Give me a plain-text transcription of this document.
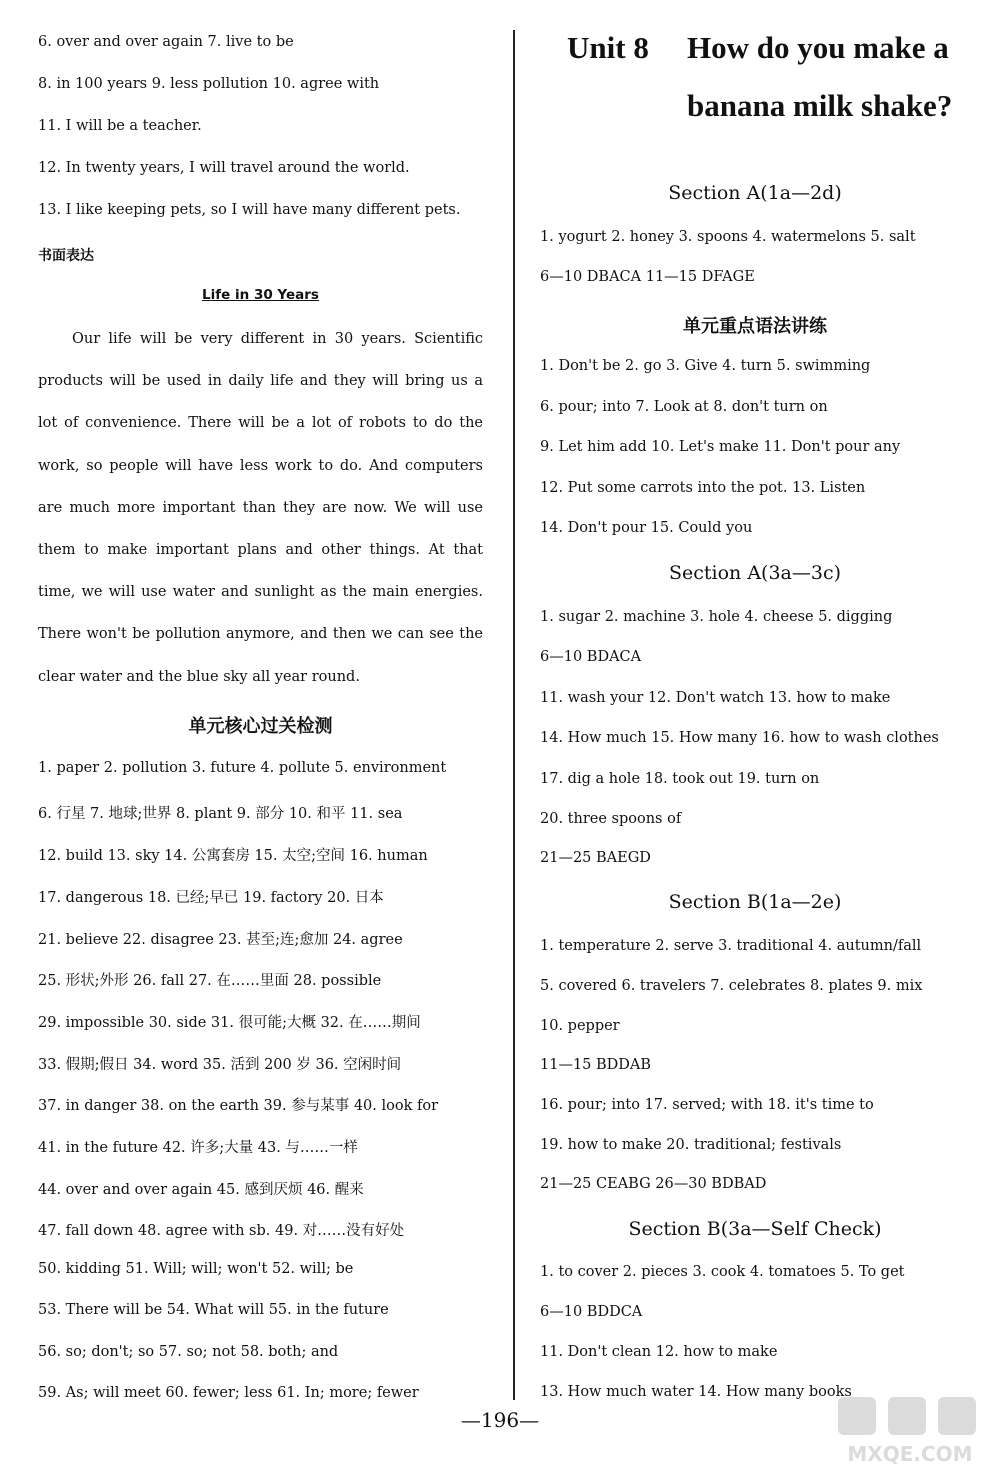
6. over and over again 7. live to be
8. in 100 years 9. less pollution 10. agree with
11. I will be a teacher.
12. In twenty years, I will travel around the world.
13. I like keeping pets, so I will have many different pets.
书面表达
Life in 30 Years
Our life will be very different in 30 years. Scientific products will be used in daily life and they will bring us a lot of convenience. There will be a lot of robots to do the work, so people will have less work to do. And computers are much more important than they are now. We will use them to make important plans and other things. At that time, we will use water and sunlight as the main energies. There won't be pollution anymore, and then we can see the clear water and the blue sky all year round.
单元核心过关检测
1. paper 2. pollution 3. future 4. pollute 5. environment
6. 行星 7. 地球;世界 8. plant 9. 部分 10. 和平 11. sea
12. build 13. sky 14. 公寓套房 15. 太空;空间 16. human
17. dangerous 18. 已经;早已 19. factory 20. 日本
21. believe 22. disagree 23. 甚至;连;愈加 24. agree
25. 形状;外形 26. fall 27. 在……里面 28. possible
29. impossible 30. side 31. 很可能;大概 32. 在……期间
33. 假期;假日 34. word 35. 活到 200 岁 36. 空闲时间
37. in danger 38. on the earth 39. 参与某事 40. look for
41. in the future 42. 许多;大量 43. 与……一样
44. over and over again 45. 感到厌烦 46. 醒来
47. fall down 48. agree with sb. 49. 对……没有好处
50. kidding 51. Will; will; won't 52. will; be
53. There will be 54. What will 55. in the future
56. so; don't; so 57. so; not 58. both; and
59. As; will meet 60. fewer; less 61. In; more; fewer
Unit 8 How do you make a
banana milk shake?
Section A(1a—2d)
1. yogurt 2. honey 3. spoons 4. watermelons 5. salt
6—10 DBACA 11—15 DFAGE
单元重点语法讲练
1. Don't be 2. go 3. Give 4. turn 5. swimming
6. pour; into 7. Look at 8. don't turn on
9. Let him add 10. Let's make 11. Don't pour any
12. Put some carrots into the pot. 13. Listen
14. Don't pour 15. Could you
Section A(3a—3c)
1. sugar 2. machine 3. hole 4. cheese 5. digging
6—10 BDACA
11. wash your 12. Don't watch 13. how to make
14. How much 15. How many 16. how to wash clothes
17. dig a hole 18. took out 19. turn on
20. three spoons of
21—25 BAEGD
Section B(1a—2e)
1. temperature 2. serve 3. traditional 4. autumn/fall
5. covered 6. travelers 7. celebrates 8. plates 9. mix
10. pepper
11—15 BDDAB
16. pour; into 17. served; with 18. it's time to
19. how to make 20. traditional; festivals
21—25 CEABG 26—30 BDBAD
Section B(3a—Self Check)
1. to cover 2. pieces 3. cook 4. tomatoes 5. To get
6—10 BDDCA
11. Don't clean 12. how to make
13. How much water 14. How many books
—196—
MXQE.COM
